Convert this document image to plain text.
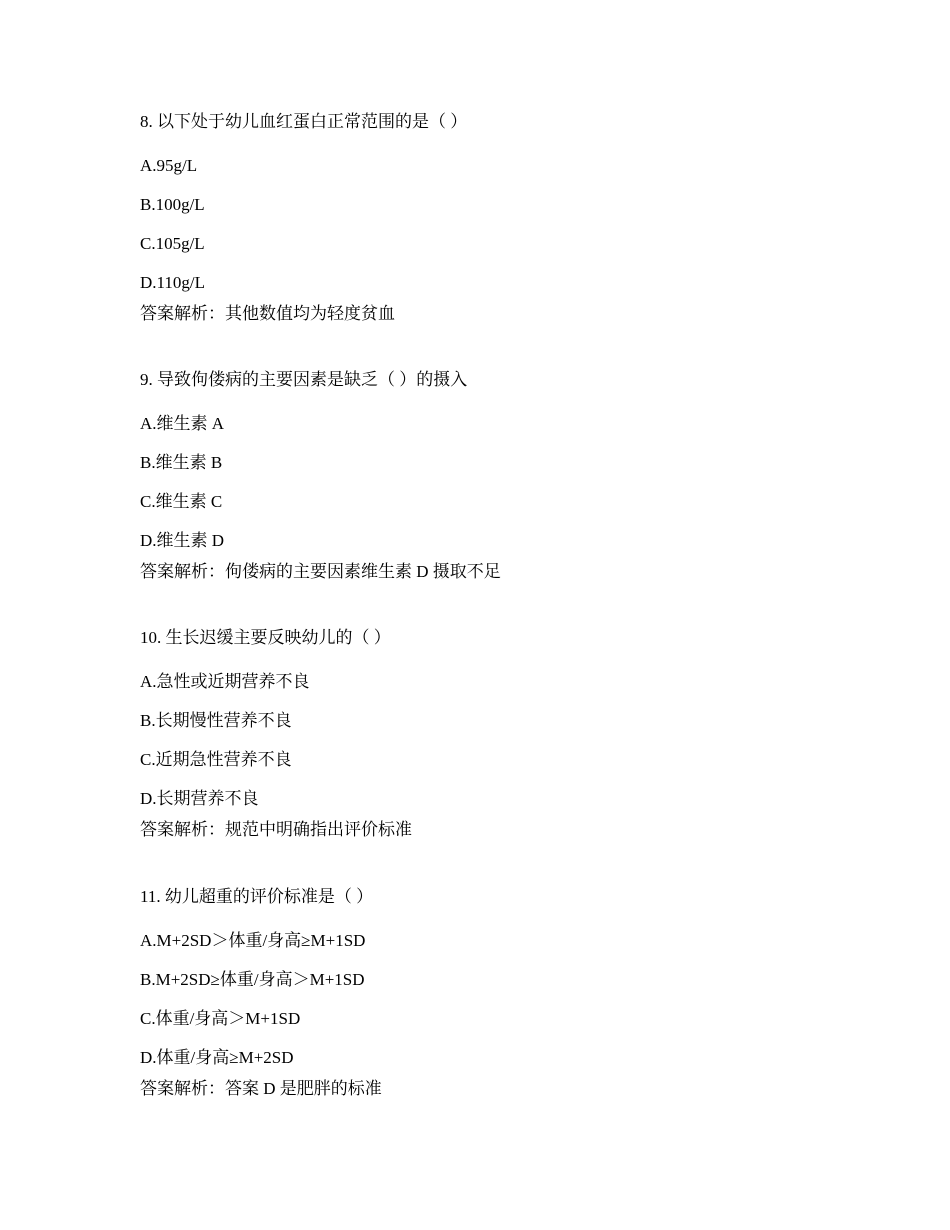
8. 以下处于幼儿血红蛋白正常范围的是（ ）

A.95g/L
B.100g/L
C.105g/L
D.110g/L

答案解析：其他数值均为轻度贫血

9. 导致佝偻病的主要因素是缺乏（ ）的摄入

A.维生素 A
B.维生素 B
C.维生素 C
D.维生素 D

答案解析：佝偻病的主要因素维生素 D 摄取不足

10. 生长迟缓主要反映幼儿的（ ）

A.急性或近期营养不良
B.长期慢性营养不良
C.近期急性营养不良
D.长期营养不良

答案解析：规范中明确指出评价标准

11. 幼儿超重的评价标准是（ ）

A.M+2SD＞体重/身高≥M+1SD
B.M+2SD≥体重/身高＞M+1SD
C.体重/身高＞M+1SD
D.体重/身高≥M+2SD

答案解析：答案 D 是肥胖的标准
